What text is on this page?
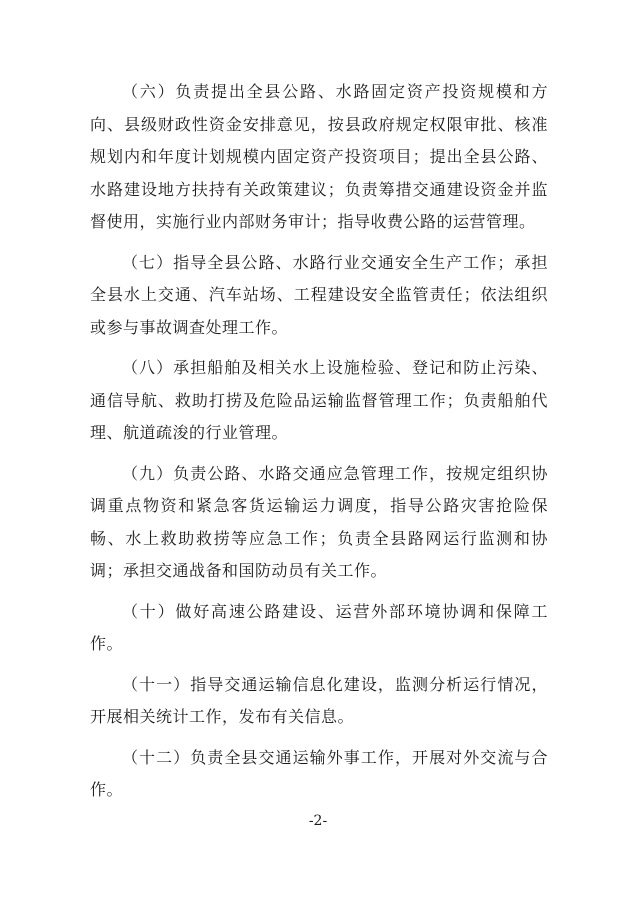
（六）负责提出全县公路、水路固定资产投资规模和方向、县级财政性资金安排意见，按县政府规定权限审批、核准规划内和年度计划规模内固定资产投资项目；提出全县公路、水路建设地方扶持有关政策建议；负责筹措交通建设资金并监督使用，实施行业内部财务审计；指导收费公路的运营管理。

（七）指导全县公路、水路行业交通安全生产工作；承担全县水上交通、汽车站场、工程建设安全监管责任；依法组织或参与事故调查处理工作。

（八）承担船舶及相关水上设施检验、登记和防止污染、通信导航、救助打捞及危险品运输监督管理工作；负责船舶代理、航道疏浚的行业管理。

（九）负责公路、水路交通应急管理工作，按规定组织协调重点物资和紧急客货运输运力调度，指导公路灾害抢险保畅、水上救助救捞等应急工作；负责全县路网运行监测和协调；承担交通战备和国防动员有关工作。

（十）做好高速公路建设、运营外部环境协调和保障工作。

（十一）指导交通运输信息化建设，监测分析运行情况，开展相关统计工作，发布有关信息。

（十二）负责全县交通运输外事工作，开展对外交流与合作。

-2-
